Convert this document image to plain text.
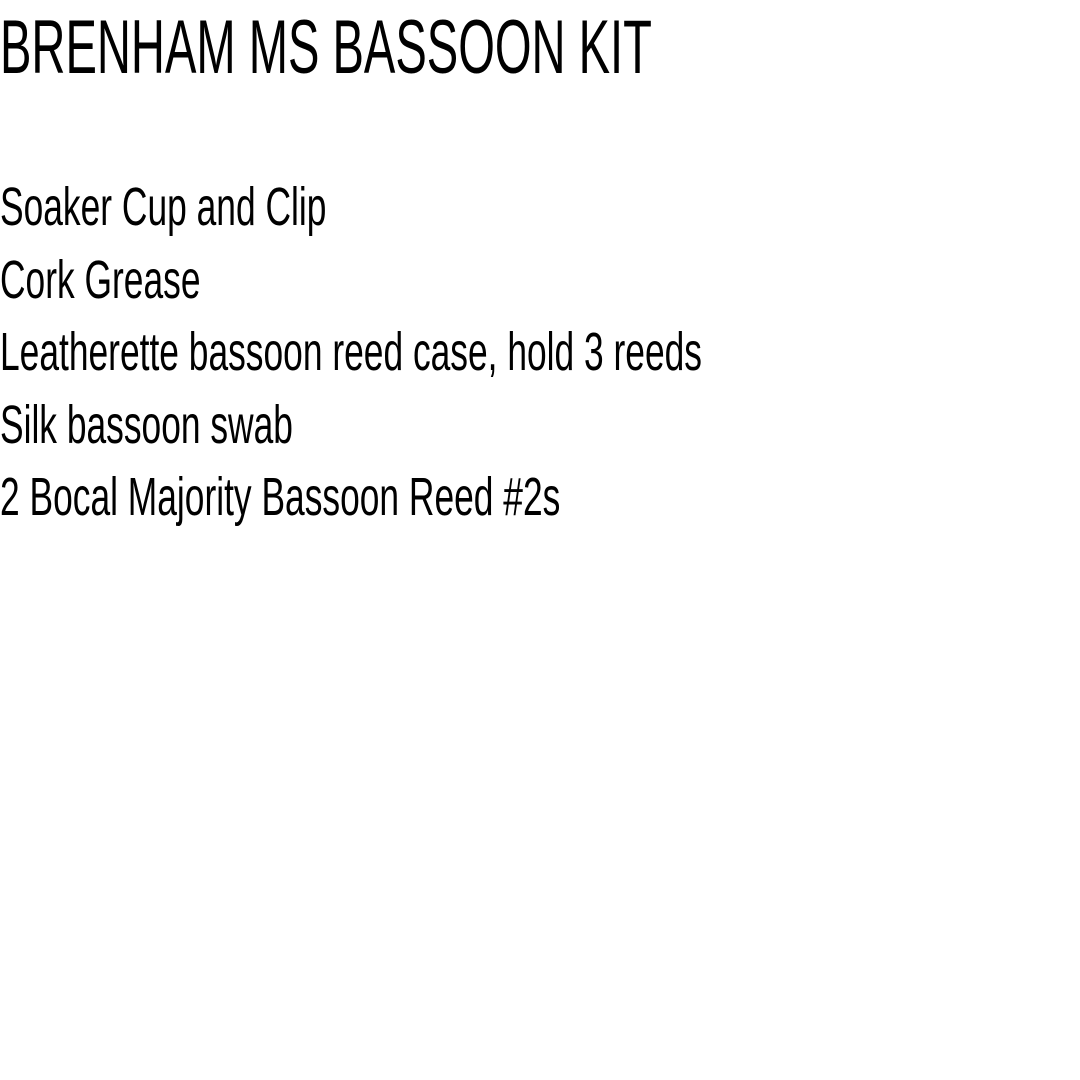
BRENHAM MS BASSOON KIT
Soaker Cup and Clip
Cork Grease
Leatherette bassoon reed case, hold 3 reeds
Silk bassoon swab
2 Bocal Majority Bassoon Reed #2s
